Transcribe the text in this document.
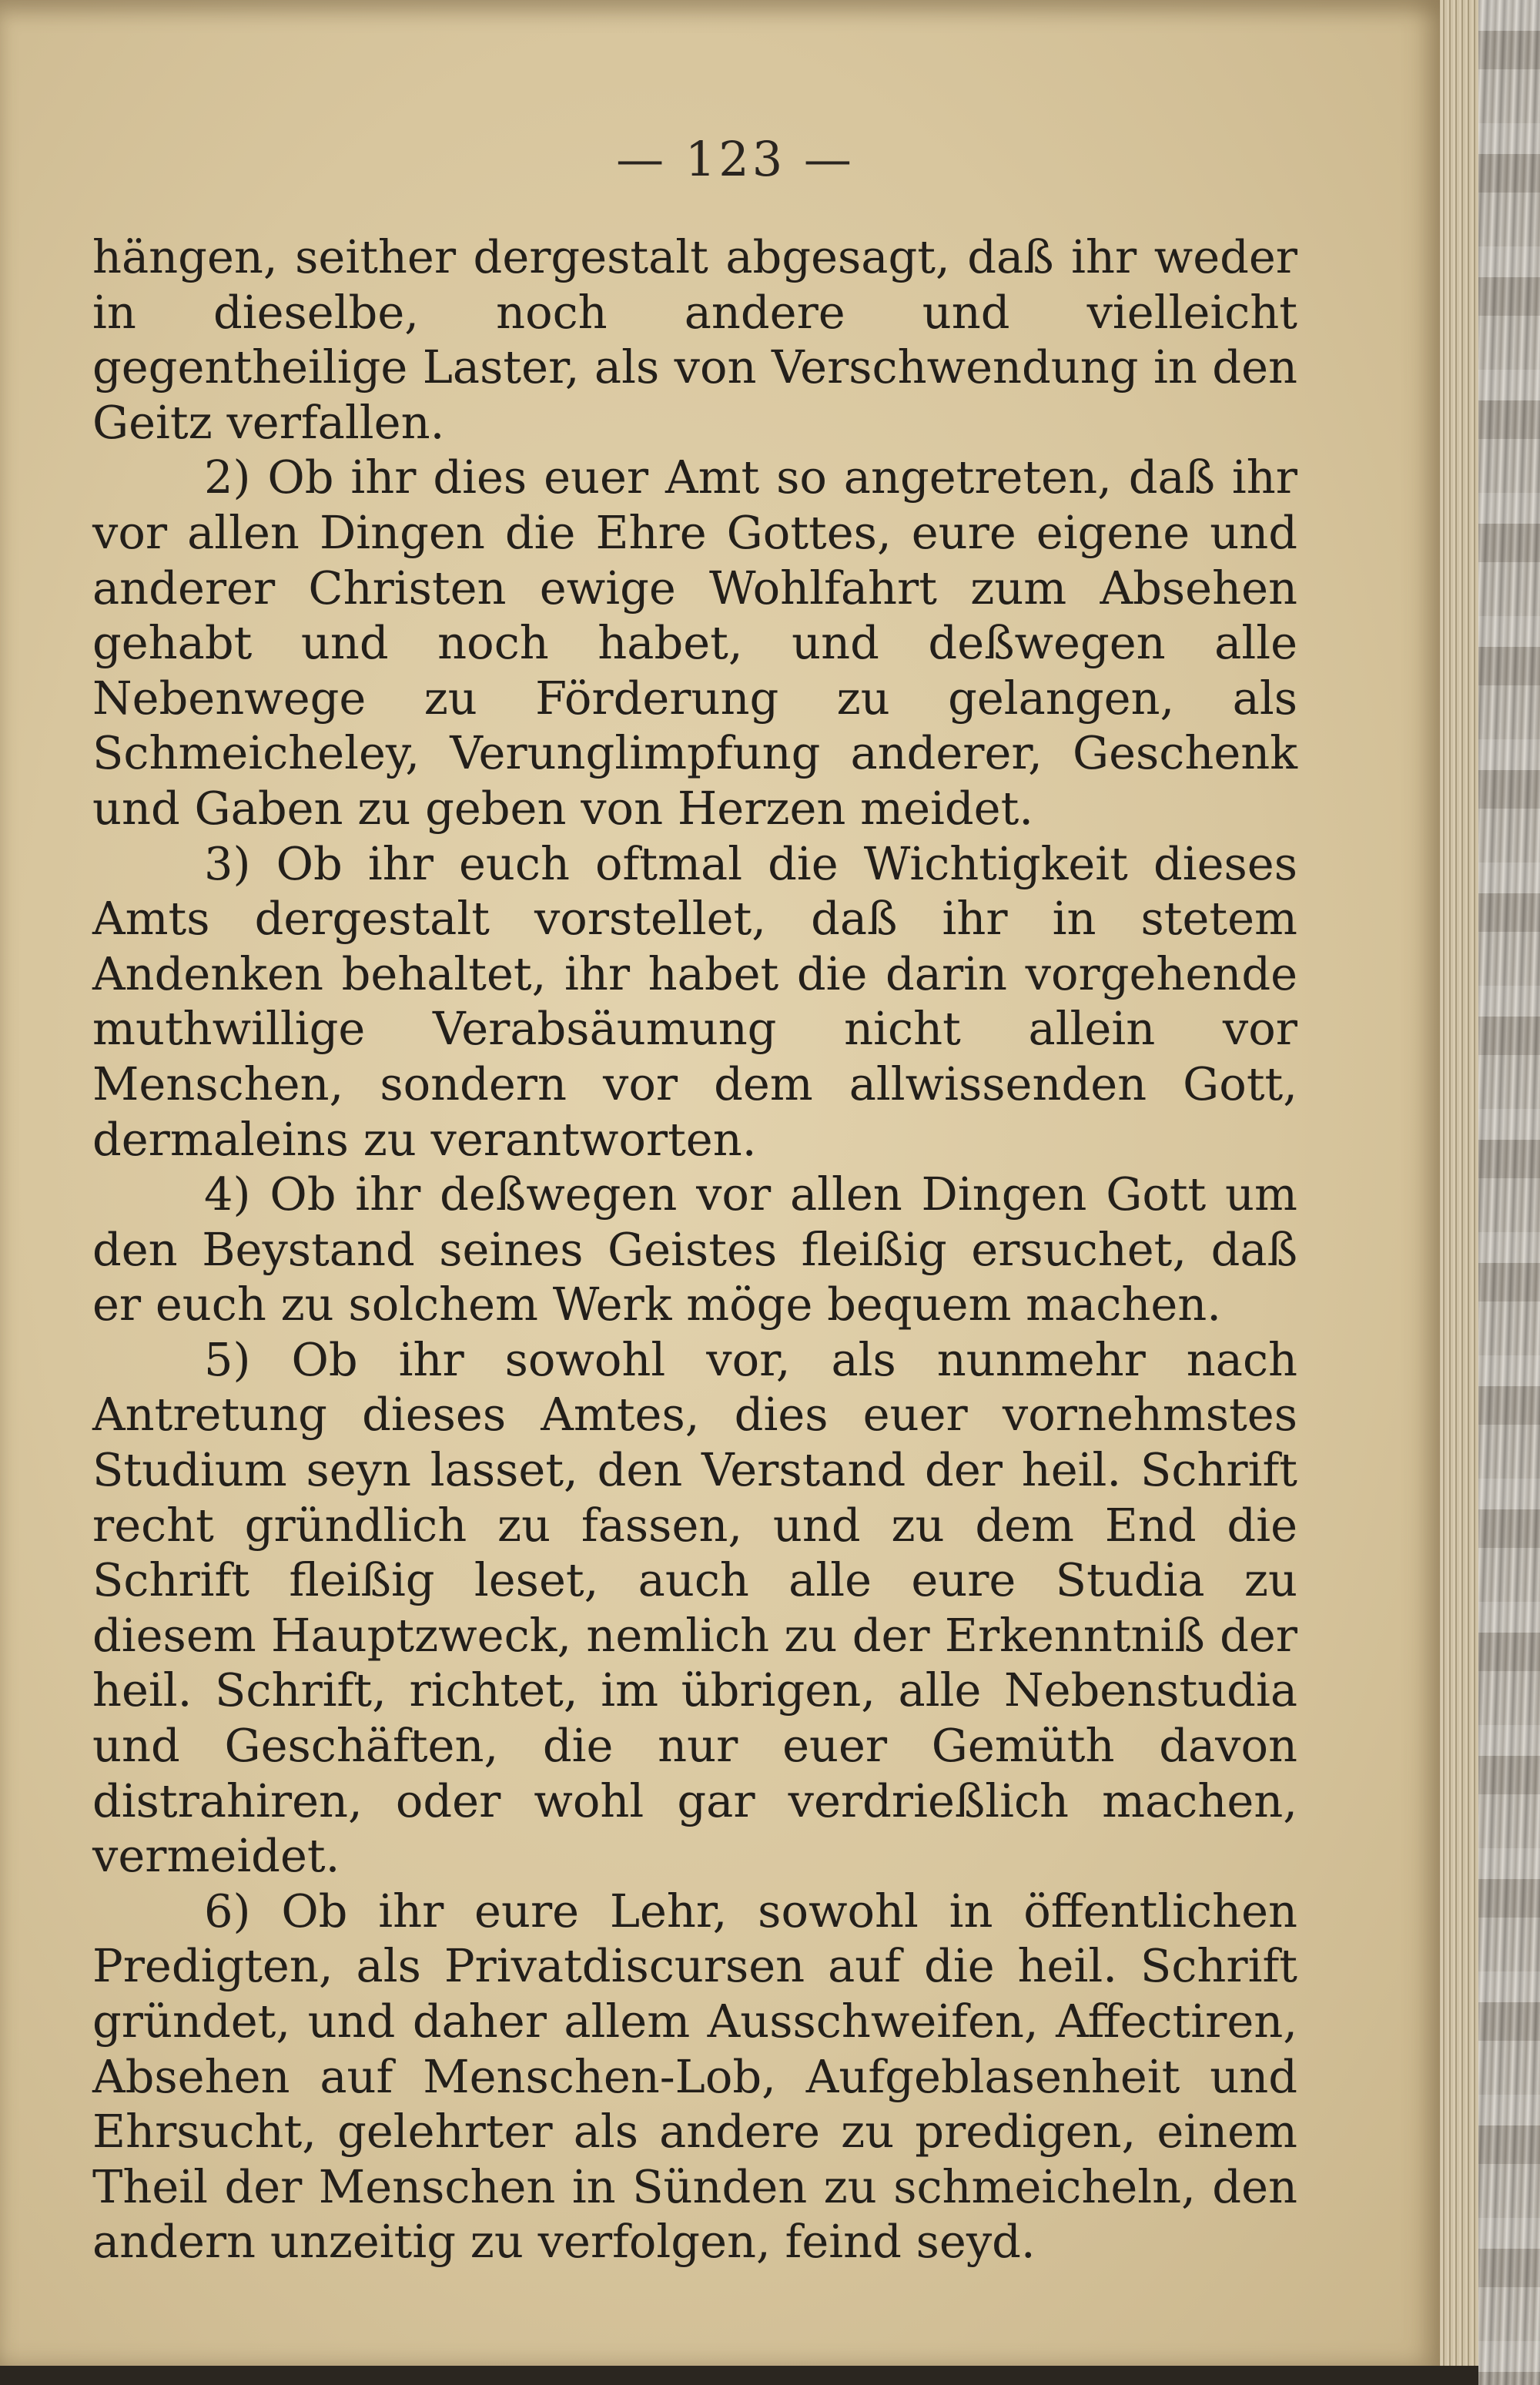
— 123 —

hängen, seither dergestalt abgesagt, daß ihr weder in dieselbe, noch andere und vielleicht gegentheilige Laster, als von Verschwendung in den Geitz verfallen.

2) Ob ihr dies euer Amt so angetreten, daß ihr vor allen Dingen die Ehre Gottes, eure eigene und anderer Christen ewige Wohlfahrt zum Absehen gehabt und noch habet, und deßwegen alle Nebenwege zu Förderung zu gelangen, als Schmeicheley, Verunglimpfung anderer, Geschenk und Gaben zu geben von Herzen meidet.

3) Ob ihr euch oftmal die Wichtigkeit dieses Amts dergestalt vorstellet, daß ihr in stetem Andenken behaltet, ihr habet die darin vorgehende muthwillige Verabsäumung nicht allein vor Menschen, sondern vor dem allwissenden Gott, dermaleins zu verantworten.

4) Ob ihr deßwegen vor allen Dingen Gott um den Beystand seines Geistes fleißig ersuchet, daß er euch zu solchem Werk möge bequem machen.

5) Ob ihr sowohl vor, als nunmehr nach Antretung dieses Amtes, dies euer vornehmstes Studium seyn lasset, den Verstand der heil. Schrift recht gründlich zu fassen, und zu dem End die Schrift fleißig leset, auch alle eure Studia zu diesem Hauptzweck, nemlich zu der Erkenntniß der heil. Schrift, richtet, im übrigen, alle Nebenstudia und Geschäften, die nur euer Gemüth davon distrahiren, oder wohl gar verdrießlich machen, vermeidet.

6) Ob ihr eure Lehr, sowohl in öffentlichen Predigten, als Privatdiscursen auf die heil. Schrift gründet, und daher allem Ausschweifen, Affectiren, Absehen auf Menschen-Lob, Aufgeblasenheit und Ehrsucht, gelehrter als andere zu predigen, einem Theil der Menschen in Sünden zu schmeicheln, den andern unzeitig zu verfolgen, feind seyd.
